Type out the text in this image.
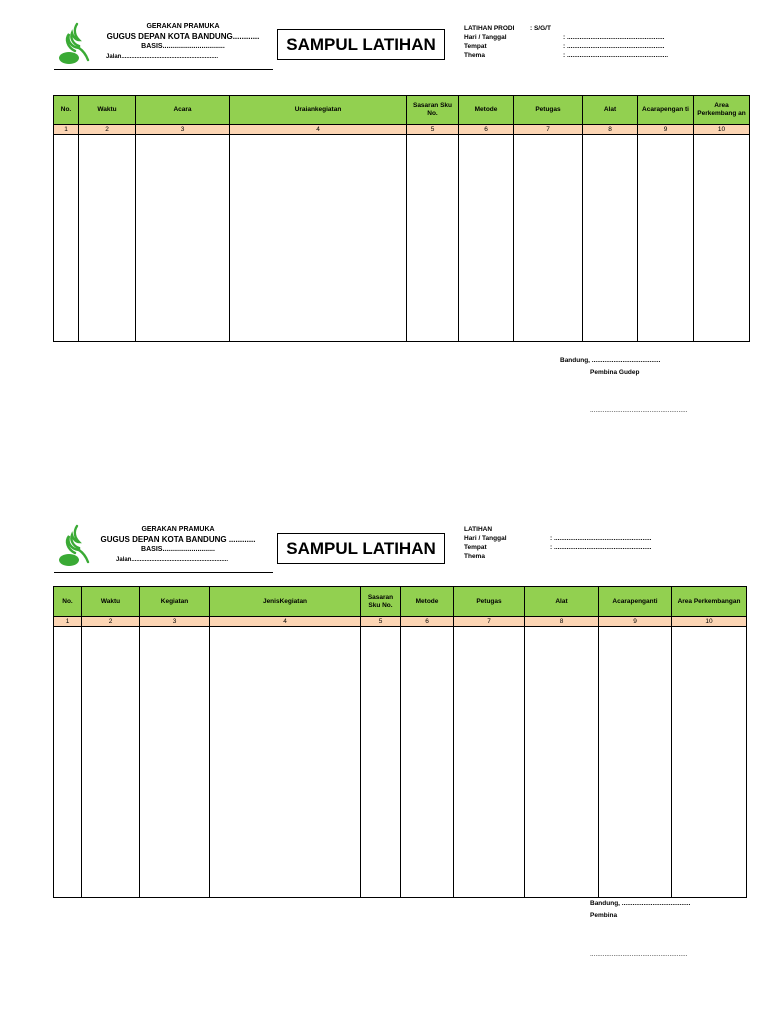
GERAKAN PRAMUKA
GUGUS DEPAN KOTA BANDUNG............
BASIS................................
Jalan..........................................................
SAMPUL LATIHAN
LATIHAN PRODI	: S/G/T
Hari / Tanggal	: ......................................................
Tempat	: ......................................................
Thema	: ........................................................
No.	Waktu	Acara	Uraiankegiatan	Sasaran Sku No.	Metode	Petugas	Alat	Acarapengan ti	Area Perkembang an
1	2	3	4	5	6	7	8	9	10

Bandung, ......................................
Pembina Gudep
......................................................
GERAKAN PRAMUKA
GUGUS DEPAN KOTA BANDUNG ............
BASIS...........................
Jalan..........................................................
SAMPUL LATIHAN
LATIHAN
Hari / Tanggal	: ......................................................
Tempat	: ......................................................
Thema
No.	Waktu	Kegiatan	JenisKegiatan	Sasaran Sku No.	Metode	Petugas	Alat	Acarapenganti	Area Perkembangan
1	2	3	4	5	6	7	8	9	10

Bandung, ......................................
Pembina
......................................................
